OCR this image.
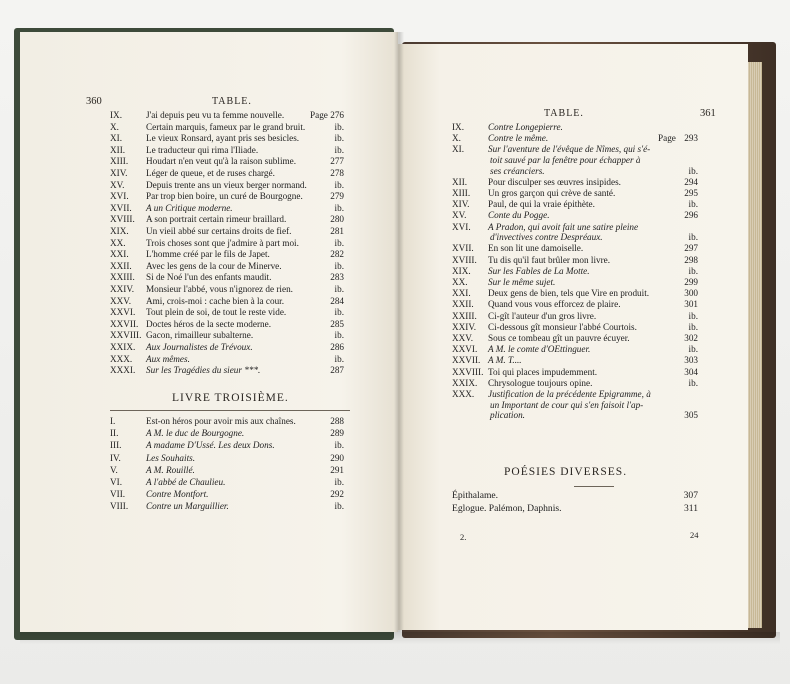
360	TABLE.
LIVRE TROISIÈME.
TABLE.	361
POÉSIES DIVERSES.
2.	24
IX.	J'ai depuis peu vu ta femme nouvelle.	Page 276
X.	Certain marquis, fameux par le grand bruit.	ib.
XI.	Le vieux Ronsard, ayant pris ses besicles.	ib.
XII. Le traducteur qui rima l'Iliade.	ib.
XIII. Houdart n'en veut qu'à la raison sublime.	277
XIV. Léger de queue, et de ruses chargé.	278
XV. Depuis trente ans un vieux berger normand.	ib.
XVI. Par trop bien boire, un curé de Bourgogne.	279
XVII. A un Critique moderne.	ib.
XVIII. A son portrait certain rimeur braillard.	280
XIX. Un vieil abbé sur certains droits de fief.	281
XX. Trois choses sont que j'admire à part moi.	ib.
XXI. L'homme créé par le fils de Japet.	282
XXII. Avec les gens de la cour de Minerve.	ib.
XXIII. Si de Noé l'un des enfants maudit.	283
XXIV. Monsieur l'abbé, vous n'ignorez de rien.	ib.
XXV. Ami, crois-moi : cache bien à la cour.	284
XXVI. Tout plein de soi, de tout le reste vide.	ib.
XXVII. Doctes héros de la secte moderne.	285
XXVIII. Gacon, rimailleur subalterne.	ib.
XXIX. Aux Journalistes de Trévoux.	286
XXX. Aux mêmes.	ib.
XXXI. Sur les Tragédies du sieur ***.	287
I.	Est-on héros pour avoir mis aux chaînes.	288
II.	A M. le duc de Bourgogne.	289
III.	A madame D'Ussé. Les deux Dons.	ib.
IV.	Les Souhaits.	290
V.	A M. Rouillé.	291
VI.	A l'abbé de Chaulieu.	ib.
VII. Contre Montfort.	292
VIII. Contre un Marguillier.	ib.
IX.	Contre Longepierre.
X.	Contre le même.	Page 293
XI.	Sur l'aventure de l'évêque de Nîmes, qui s'é-
toit sauvé par la fenêtre pour échapper à
ses créanciers.	ib.
XII. Pour disculper ses œuvres insipides.	294
XIII. Un gros garçon qui crève de santé.	295
XIV. Paul, de qui la vraie épithète.	ib.
XV. Conte du Pogge.	296
XVI. A Pradon, qui avoit fait une satire pleine
d'invectives contre Despréaux.	ib.
XVII. En son lit une damoiselle.	297
XVIII. Tu dis qu'il faut brûler mon livre.	298
XIX. Sur les Fables de La Motte.	ib.
XX. Sur le même sujet.	299
XXI. Deux gens de bien, tels que Vire en produit.	300
XXII. Quand vous vous efforcez de plaire.	301
XXIII. Ci-gît l'auteur d'un gros livre.	ib.
XXIV. Ci-dessous gît monsieur l'abbé Courtois.	ib.
XXV. Sous ce tombeau gît un pauvre écuyer.	302
XXVI. A M. le comte d'OEttinguer.	ib.
XXVII. A M. T....	303
XXVIII. Toi qui places impudemment.	304
XXIX. Chrysologue toujours opine.	ib.
XXX. Justification de la précédente Epigramme, à
un Important de cour qui s'en faisoit l'ap-
plication.	305
Épithalame.	307
Eglogue. Palémon, Daphnis.	311
